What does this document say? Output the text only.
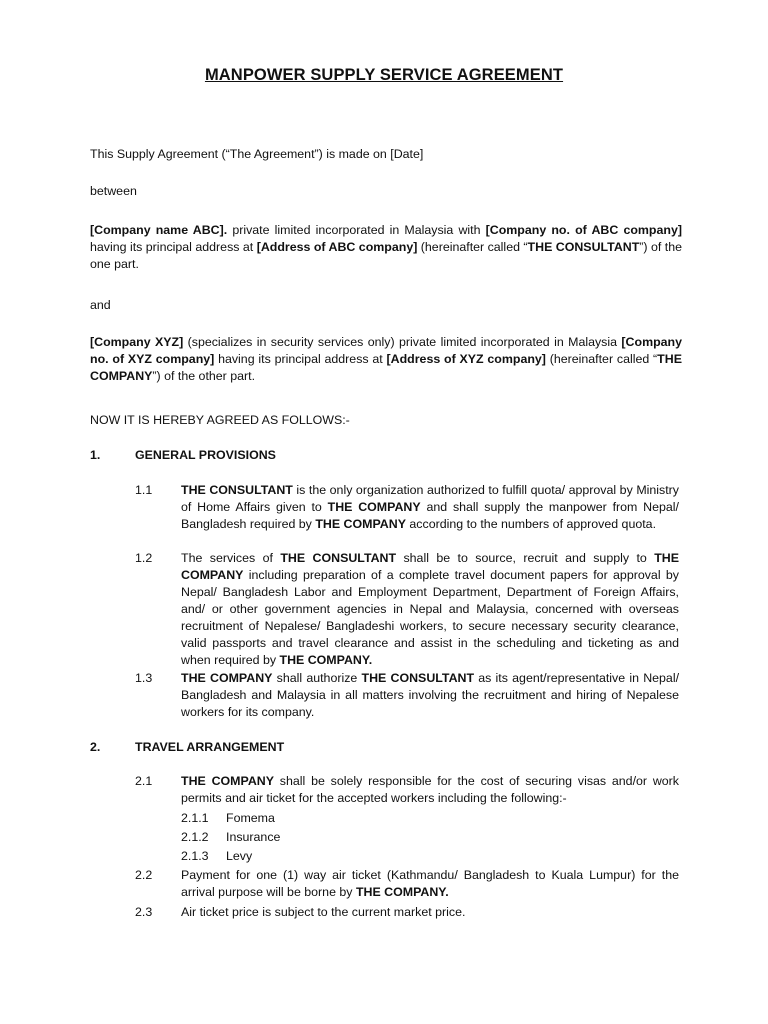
MANPOWER SUPPLY SERVICE AGREEMENT
This Supply Agreement (“The Agreement”) is made on [Date]
between
[Company name ABC]. private limited incorporated in Malaysia with [Company no. of ABC company] having its principal address at [Address of ABC company] (hereinafter called “THE CONSULTANT”) of the one part.
and
[Company XYZ] (specializes in security services only) private limited incorporated in Malaysia [Company no. of XYZ company] having its principal address at [Address of XYZ company] (hereinafter called “THE COMPANY”) of the other part.
NOW IT IS HEREBY AGREED AS FOLLOWS:-
1.	GENERAL PROVISIONS
1.1 THE CONSULTANT is the only organization authorized to fulfill quota/ approval by Ministry of Home Affairs given to THE COMPANY and shall supply the manpower from Nepal/ Bangladesh required by THE COMPANY according to the numbers of approved quota.
1.2 The services of THE CONSULTANT shall be to source, recruit and supply to THE COMPANY including preparation of a complete travel document papers for approval by Nepal/ Bangladesh Labor and Employment Department, Department of Foreign Affairs, and/ or other government agencies in Nepal and Malaysia, concerned with overseas recruitment of Nepalese/ Bangladeshi workers, to secure necessary security clearance, valid passports and travel clearance and assist in the scheduling and ticketing as and when required by THE COMPANY.
1.3 THE COMPANY shall authorize THE CONSULTANT as its agent/representative in Nepal/ Bangladesh and Malaysia in all matters involving the recruitment and hiring of Nepalese workers for its company.
2.	TRAVEL ARRANGEMENT
2.1 THE COMPANY shall be solely responsible for the cost of securing visas and/or work permits and air ticket for the accepted workers including the following:-
2.1.1 Fomema
2.1.2 Insurance
2.1.3 Levy
2.2 Payment for one (1) way air ticket (Kathmandu/ Bangladesh to Kuala Lumpur) for the arrival purpose will be borne by THE COMPANY.
2.3 Air ticket price is subject to the current market price.
